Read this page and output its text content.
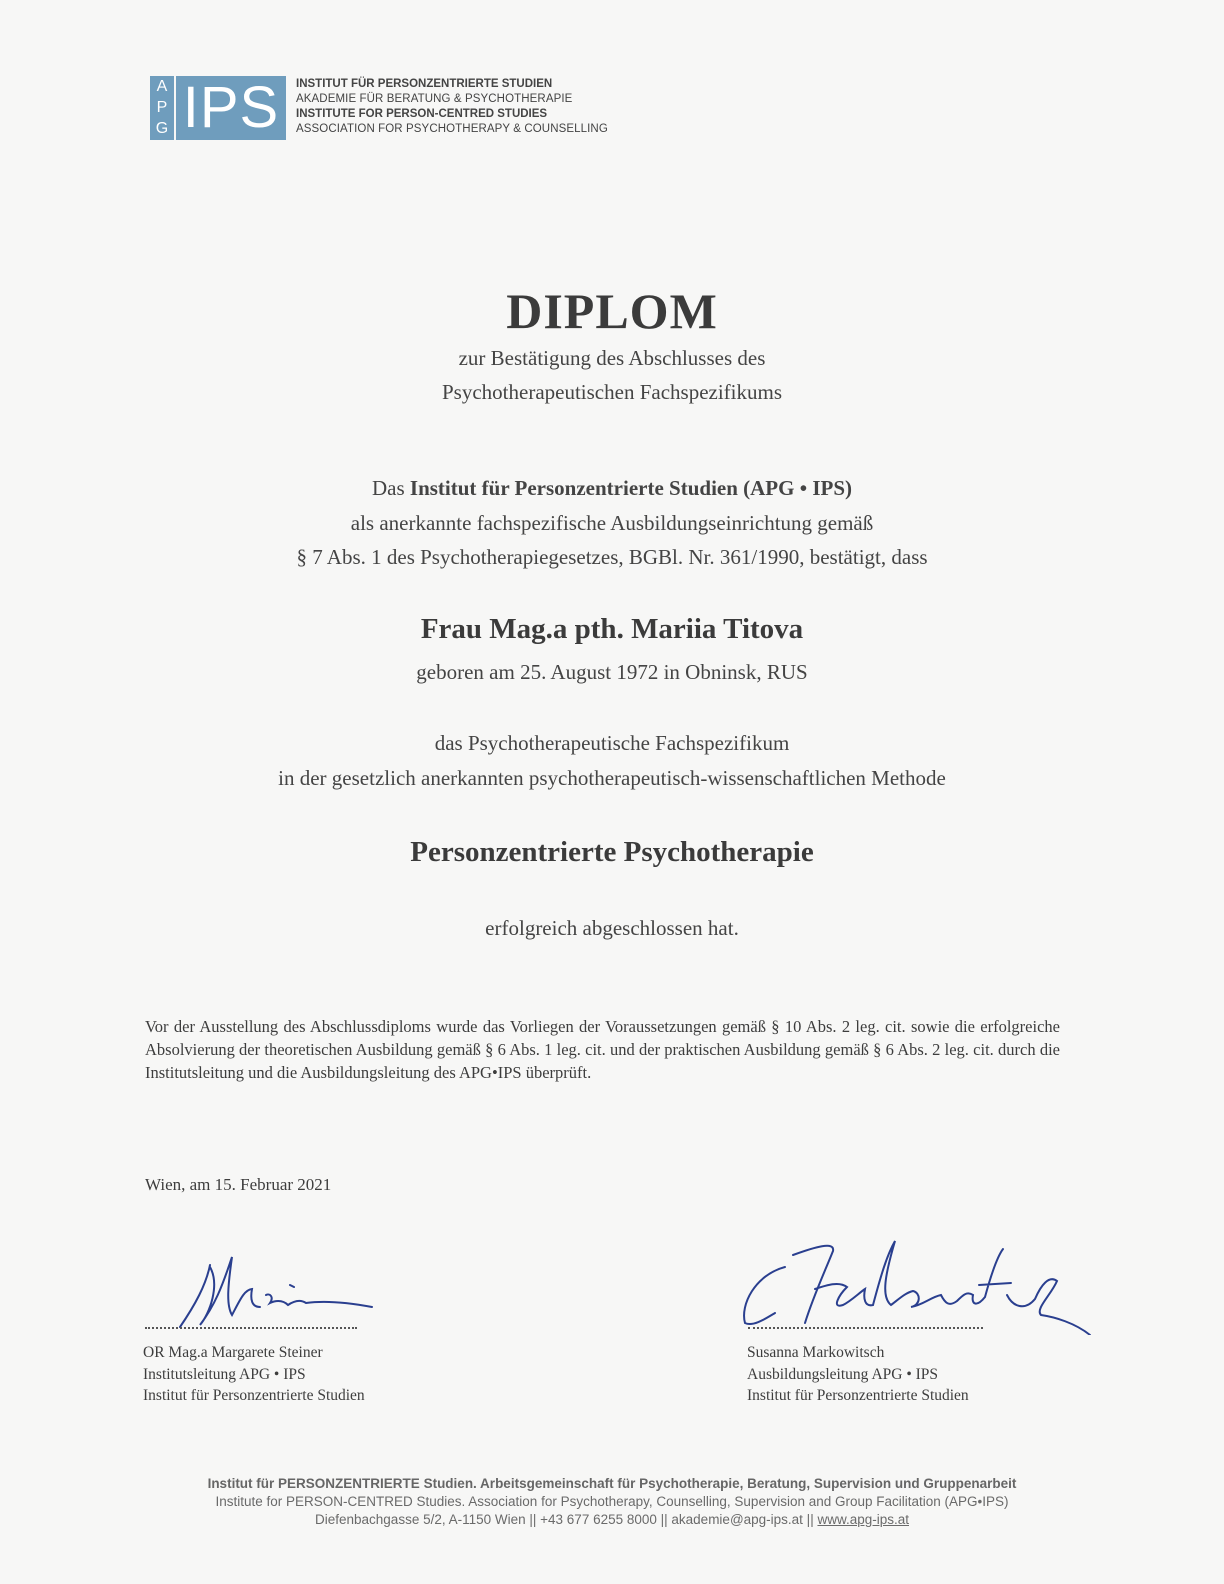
A
P
G IPS	INSTITUT FÜR PERSONZENTRIERTE STUDIEN
AKADEMIE FÜR BERATUNG & PSYCHOTHERAPIE
INSTITUTE FOR PERSON-CENTRED STUDIES
ASSOCIATION FOR PSYCHOTHERAPY & COUNSELLING
DIPLOM
zur Bestätigung des Abschlusses des
Psychotherapeutischen Fachspezifikums
Das Institut für Personzentrierte Studien (APG • IPS)
als anerkannte fachspezifische Ausbildungseinrichtung gemäß
§ 7 Abs. 1 des Psychotherapiegesetzes, BGBl. Nr. 361/1990, bestätigt, dass
Frau Mag.a pth. Mariia Titova
geboren am 25. August 1972 in Obninsk, RUS
das Psychotherapeutische Fachspezifikum
in der gesetzlich anerkannten psychotherapeutisch-wissenschaftlichen Methode
Personzentrierte Psychotherapie
erfolgreich abgeschlossen hat.
Vor der Ausstellung des Abschlussdiploms wurde das Vorliegen der Voraussetzungen gemäß § 10 Abs. 2 leg. cit. sowie die erfolgreiche Absolvierung der theoretischen Ausbildung gemäß § 6 Abs. 1 leg. cit. und der praktischen Ausbildung gemäß § 6 Abs. 2 leg. cit. durch die Institutsleitung und die Ausbildungsleitung des APG•IPS überprüft.
Wien, am 15. Februar 2021
OR Mag.a Margarete Steiner
Institutsleitung APG • IPS
Institut für Personzentrierte Studien
Susanna Markowitsch
Ausbildungsleitung APG • IPS
Institut für Personzentrierte Studien
Institut für PERSONZENTRIERTE Studien. Arbeitsgemeinschaft für Psychotherapie, Beratung, Supervision und Gruppenarbeit
Institute for PERSON-CENTRED Studies. Association for Psychotherapy, Counselling, Supervision and Group Facilitation (APG•IPS)
Diefenbachgasse 5/2, A-1150 Wien || +43 677 6255 8000 || akademie@apg-ips.at || www.apg-ips.at
